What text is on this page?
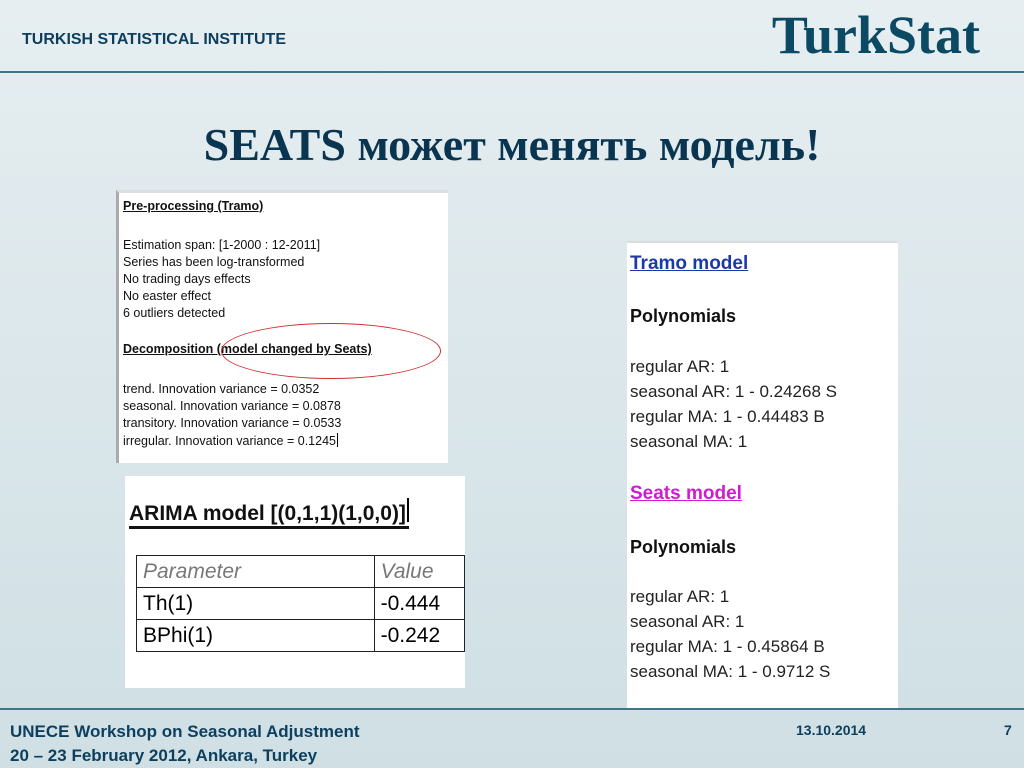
TURKISH STATISTICAL INSTITUTE	TurkStat
SEATS может менять модель!
Pre-processing (Tramo)
Estimation span: [1-2000 : 12-2011]
Series has been log-transformed
No trading days effects
No easter effect
6 outliers detected
Decomposition (model changed by Seats)
trend. Innovation variance = 0.0352
seasonal. Innovation variance = 0.0878
transitory. Innovation variance = 0.0533
irregular. Innovation variance = 0.1245
ARIMA model [(0,1,1)(1,0,0)]
Parameter	Value
Th(1)	-0.444
BPhi(1)	-0.242
Tramo model
Polynomials
regular AR: 1
seasonal AR: 1 - 0.24268 S
regular MA: 1 - 0.44483 B
seasonal MA: 1
Seats model
Polynomials
regular AR: 1
seasonal AR: 1
regular MA: 1 - 0.45864 B
seasonal MA: 1 - 0.9712 S
UNECE Workshop on Seasonal Adjustment
20 – 23 February 2012, Ankara, Turkey
13.10.2014	7
